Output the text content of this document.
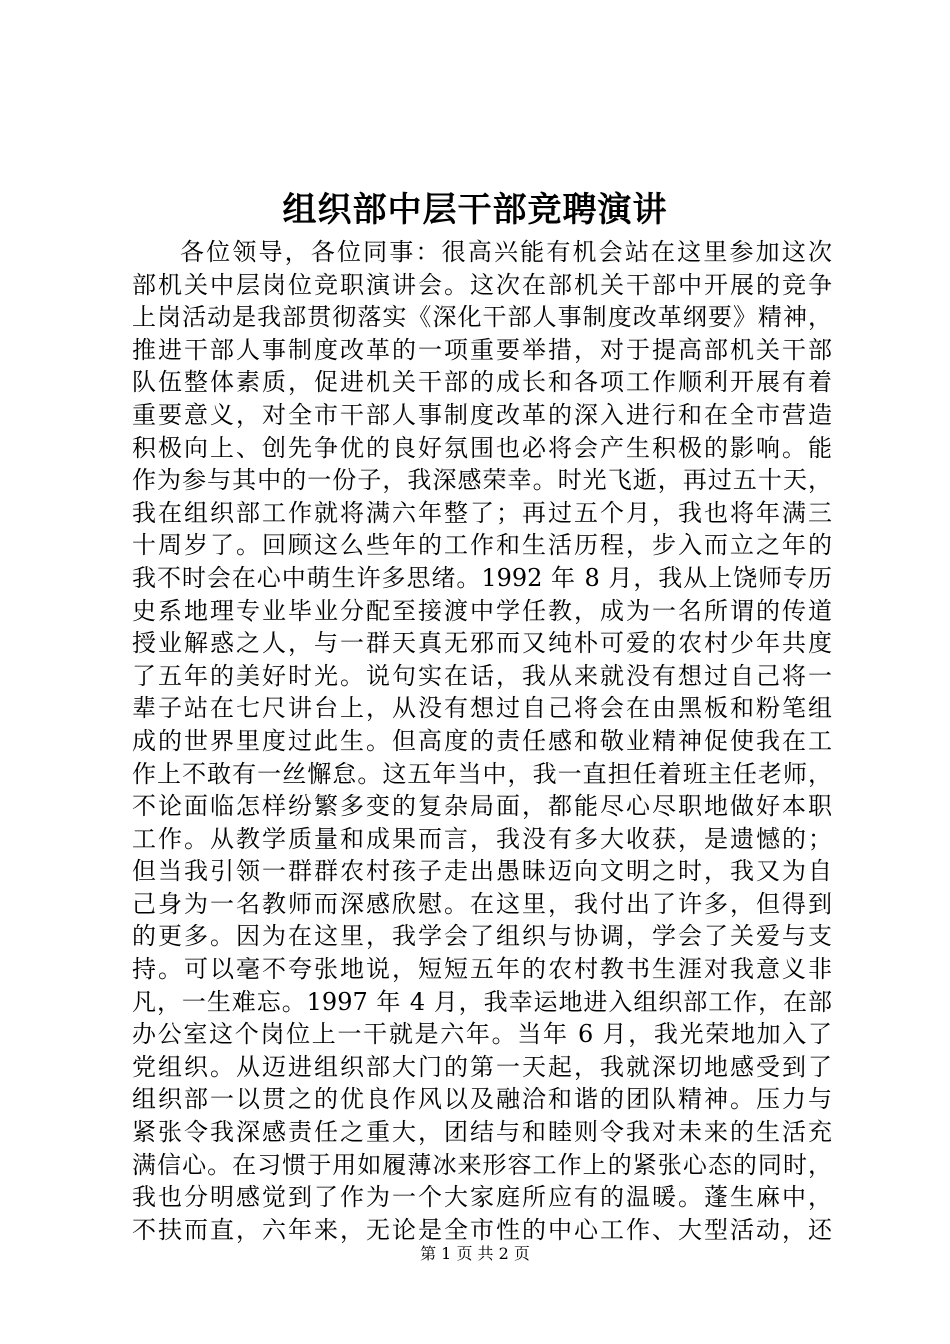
组织部中层干部竞聘演讲
各位领导，各位同事：很高兴能有机会站在这里参加这次
部机关中层岗位竞职演讲会。这次在部机关干部中开展的竞争
上岗活动是我部贯彻落实《深化干部人事制度改革纲要》精神，
推进干部人事制度改革的一项重要举措，对于提高部机关干部
队伍整体素质，促进机关干部的成长和各项工作顺利开展有着
重要意义，对全市干部人事制度改革的深入进行和在全市营造
积极向上、创先争优的良好氛围也必将会产生积极的影响。能
作为参与其中的一份子，我深感荣幸。时光飞逝，再过五十天，
我在组织部工作就将满六年整了；再过五个月，我也将年满三
十周岁了。回顾这么些年的工作和生活历程，步入而立之年的
我不时会在心中萌生许多思绪。1992 年 8 月，我从上饶师专历
史系地理专业毕业分配至接渡中学任教，成为一名所谓的传道
授业解惑之人，与一群天真无邪而又纯朴可爱的农村少年共度
了五年的美好时光。说句实在话，我从来就没有想过自己将一
辈子站在七尺讲台上，从没有想过自己将会在由黑板和粉笔组
成的世界里度过此生。但高度的责任感和敬业精神促使我在工
作上不敢有一丝懈怠。这五年当中，我一直担任着班主任老师，
不论面临怎样纷繁多变的复杂局面，都能尽心尽职地做好本职
工作。从教学质量和成果而言，我没有多大收获，是遗憾的；
但当我引领一群群农村孩子走出愚昧迈向文明之时，我又为自
己身为一名教师而深感欣慰。在这里，我付出了许多，但得到
的更多。因为在这里，我学会了组织与协调，学会了关爱与支
持。可以毫不夸张地说，短短五年的农村教书生涯对我意义非
凡，一生难忘。1997 年 4 月，我幸运地进入组织部工作，在部
办公室这个岗位上一干就是六年。当年 6 月，我光荣地加入了
党组织。从迈进组织部大门的第一天起，我就深切地感受到了
组织部一以贯之的优良作风以及融洽和谐的团队精神。压力与
紧张令我深感责任之重大，团结与和睦则令我对未来的生活充
满信心。在习惯于用如履薄冰来形容工作上的紧张心态的同时，
我也分明感觉到了作为一个大家庭所应有的温暖。蓬生麻中，
不扶而直，六年来，无论是全市性的中心工作、大型活动，还
第 1 页 共 2 页
